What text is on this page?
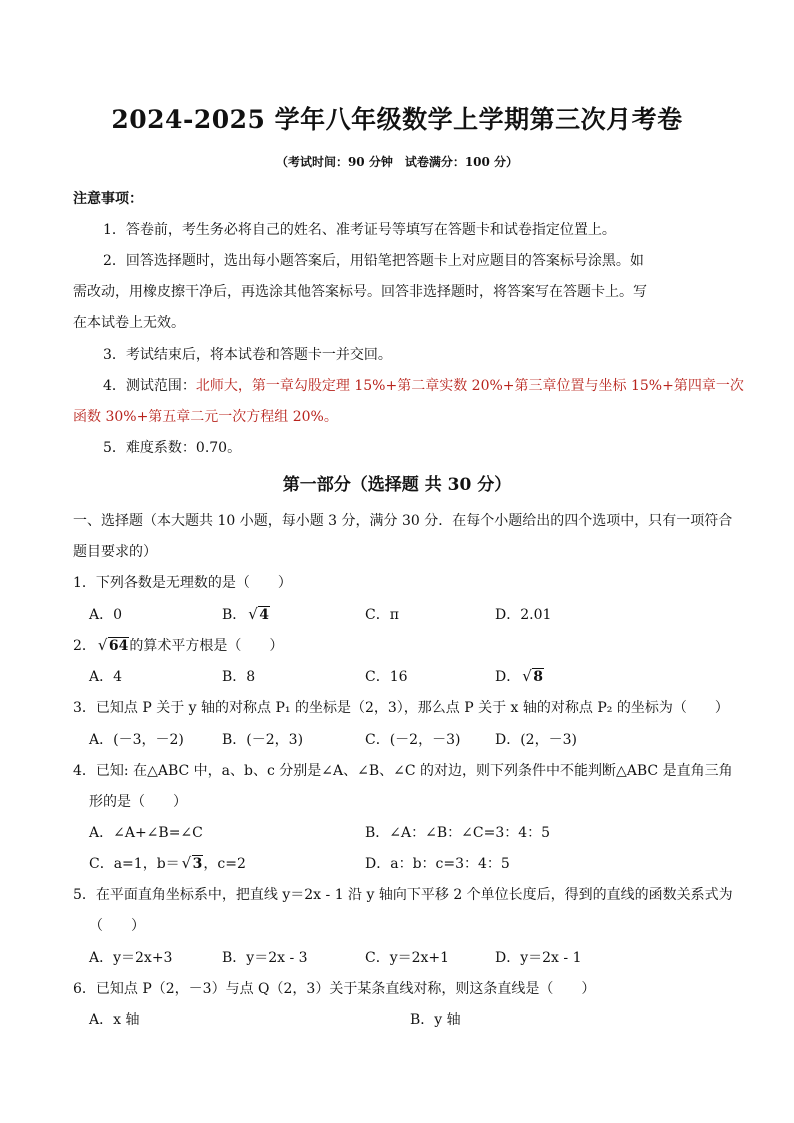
2024-2025 学年八年级数学上学期第三次月考卷
（考试时间：90 分钟　试卷满分：100 分）
注意事项：
1．答卷前，考生务必将自己的姓名、准考证号等填写在答题卡和试卷指定位置上。
2．回答选择题时，选出每小题答案后，用铅笔把答题卡上对应题目的答案标号涂黑。如
需改动，用橡皮擦干净后，再选涂其他答案标号。回答非选择题时，将答案写在答题卡上。写
在本试卷上无效。
3．考试结束后，将本试卷和答题卡一并交回。
4．测试范围：北师大，第一章勾股定理 15%+第二章实数 20%+第三章位置与坐标 15%+第四章一次
函数 30%+第五章二元一次方程组 20%。
5．难度系数：0.70。
第一部分（选择题 共 30 分）
一、选择题（本大题共 10 小题，每小题 3 分，满分 30 分．在每个小题给出的四个选项中，只有一项符合
题目要求的）
1．下列各数是无理数的是（　　）
A．0	B． √ 4	C．π	D．2.01
2． √ 64的算术平方根是（　　）
A．4	B．8	C．16	D． √ 8
3．已知点 P 关于 y 轴的对称点 P₁ 的坐标是（2，3），那么点 P 关于 x 轴的对称点 P₂ 的坐标为（　　）
A．(－3，－2)	B．(－2，3)	C．(－2，－3) D．(2，－3)
4．已知: 在△ABC 中，a、b、c 分别是∠A、∠B、∠C 的对边，则下列条件中不能判断△ABC 是直角三角
形的是（　　）
A．∠A+∠B=∠C	B．∠A：∠B：∠C=3：4：5
C．a=1，b＝ √ 3，c=2	D．a：b：c=3：4：5
5．在平面直角坐标系中，把直线 y＝2x - 1 沿 y 轴向下平移 2 个单位长度后，得到的直线的函数关系式为
（　　）
A．y＝2x+3	B．y＝2x - 3	C．y＝2x+1	D．y＝2x - 1
6．已知点 P（2，－3）与点 Q（2，3）关于某条直线对称，则这条直线是（　　）
A．x 轴	B．y 轴
